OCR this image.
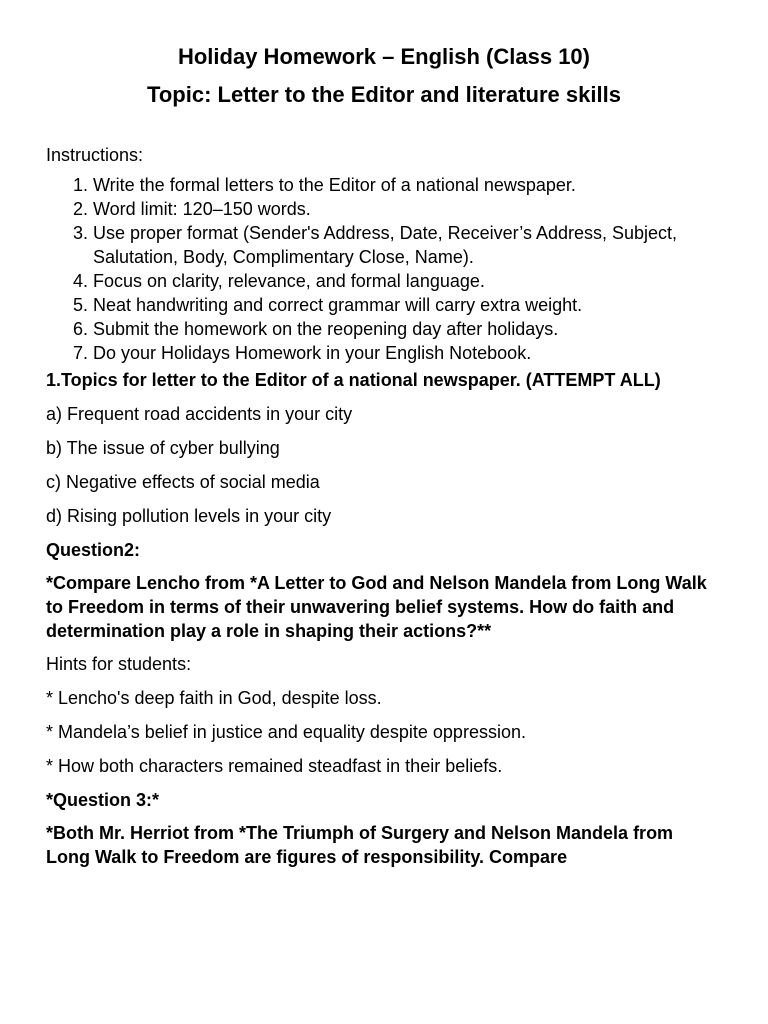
Holiday Homework – English (Class 10)
Topic: Letter to the Editor and literature skills
Instructions:
1. Write the formal letters to the Editor of a national newspaper.
2. Word limit: 120–150 words.
3. Use proper format (Sender's Address, Date, Receiver’s Address, Subject, Salutation, Body, Complimentary Close, Name).
4. Focus on clarity, relevance, and formal language.
5. Neat handwriting and correct grammar will carry extra weight.
6. Submit the homework on the reopening day after holidays.
7. Do your Holidays Homework in your English Notebook.

1.Topics for letter to the Editor of a national newspaper. (ATTEMPT ALL)

a) Frequent road accidents in your city

b) The issue of cyber bullying

c) Negative effects of social media

d) Rising pollution levels in your city

Question2:

*Compare Lencho from *A Letter to God and Nelson Mandela from Long Walk to Freedom in terms of their unwavering belief systems. How do faith and determination play a role in shaping their actions?**

Hints for students:

* Lencho's deep faith in God, despite loss.

* Mandela’s belief in justice and equality despite oppression.

* How both characters remained steadfast in their beliefs.

*Question 3:*

*Both Mr. Herriot from *The Triumph of Surgery and Nelson Mandela from Long Walk to Freedom are figures of responsibility. Compare
